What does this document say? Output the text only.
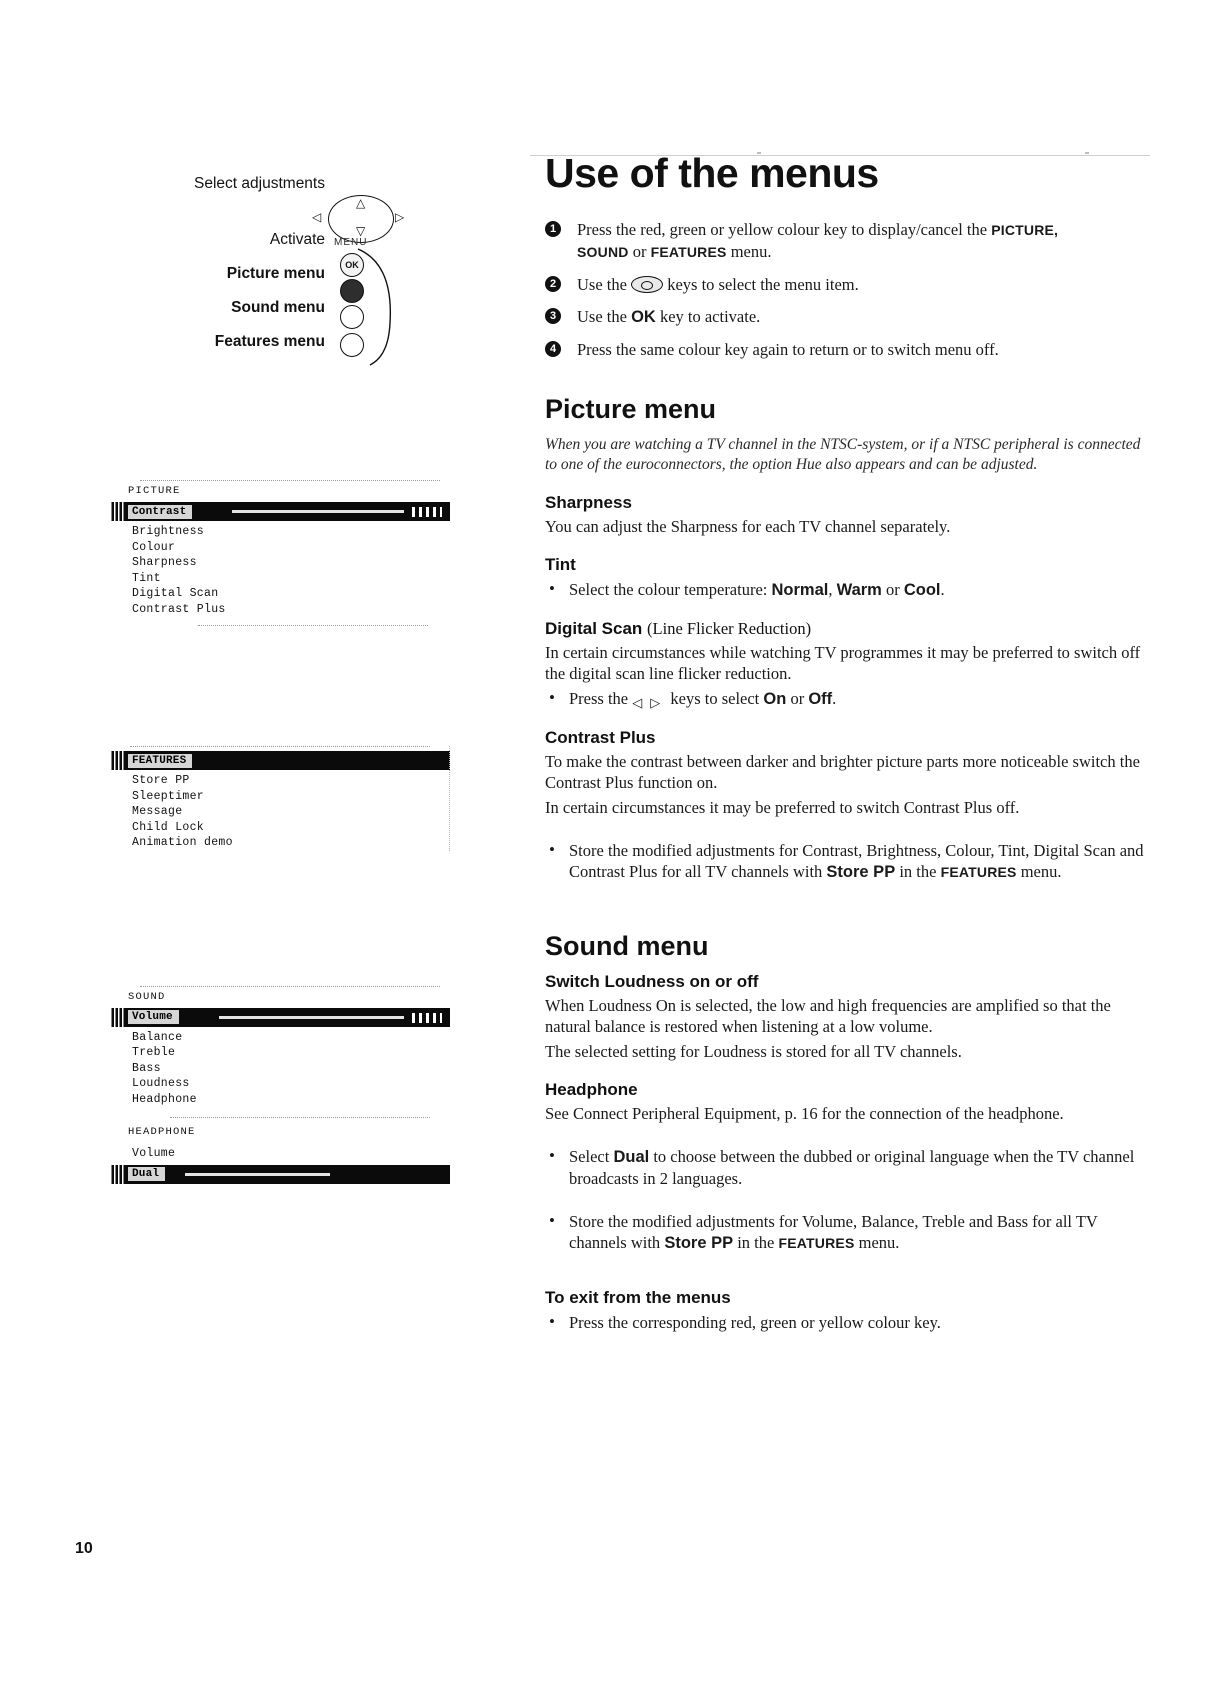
Select adjustments
Activate
Picture menu
Sound menu
Features menu
◁	▷
△
▽
MENU
OK
PICTURE
Contrast
Brightness
Colour
Sharpness
Tint
Digital Scan
Contrast Plus
FEATURES
Store PP
Sleeptimer
Message
Child Lock
Animation demo
SOUND
Volume
Balance
Treble
Bass
Loudness
Headphone
HEADPHONE
Volume
Dual
Use of the menus
1 Press the red, green or yellow colour key to display/cancel the PICTURE,
SOUND or FEATURES menu.
2 Use the  keys to select the menu item.
3 Use the OK key to activate.
4 Press the same colour key again to return or to switch menu off.
Picture menu

When you are watching a TV channel in the NTSC-system, or if a NTSC peripheral is connected to one of the euroconnectors, the option Hue also appears and can be adjusted.

Sharpness

You can adjust the Sharpness for each TV channel separately.

Tint
• Select the colour temperature: Normal, Warm or Cool.
Digital Scan (Line Flicker Reduction)

In certain circumstances while watching TV programmes it may be preferred to switch off the digital scan line flicker reduction.

• Press the ◁ ▷ keys to select On or Off.
Contrast Plus

To make the contrast between darker and brighter picture parts more noticeable switch the Contrast Plus function on.

In certain circumstances it may be preferred to switch Contrast Plus off.

• Store the modified adjustments for Contrast, Brightness, Colour, Tint, Digital Scan and Contrast Plus for all TV channels with Store PP in the FEATURES menu.
Sound menu
Switch Loudness on or off

When Loudness On is selected, the low and high frequencies are amplified so that the natural balance is restored when listening at a low volume.

The selected setting for Loudness is stored for all TV channels.

Headphone

See Connect Peripheral Equipment, p. 16 for the connection of the headphone.

• Select Dual to choose between the dubbed or original language when the TV channel broadcasts in 2 languages.
• Store the modified adjustments for Volume, Balance, Treble and Bass for all TV channels with Store PP in the FEATURES menu.
To exit from the menus
• Press the corresponding red, green or yellow colour key.
10
